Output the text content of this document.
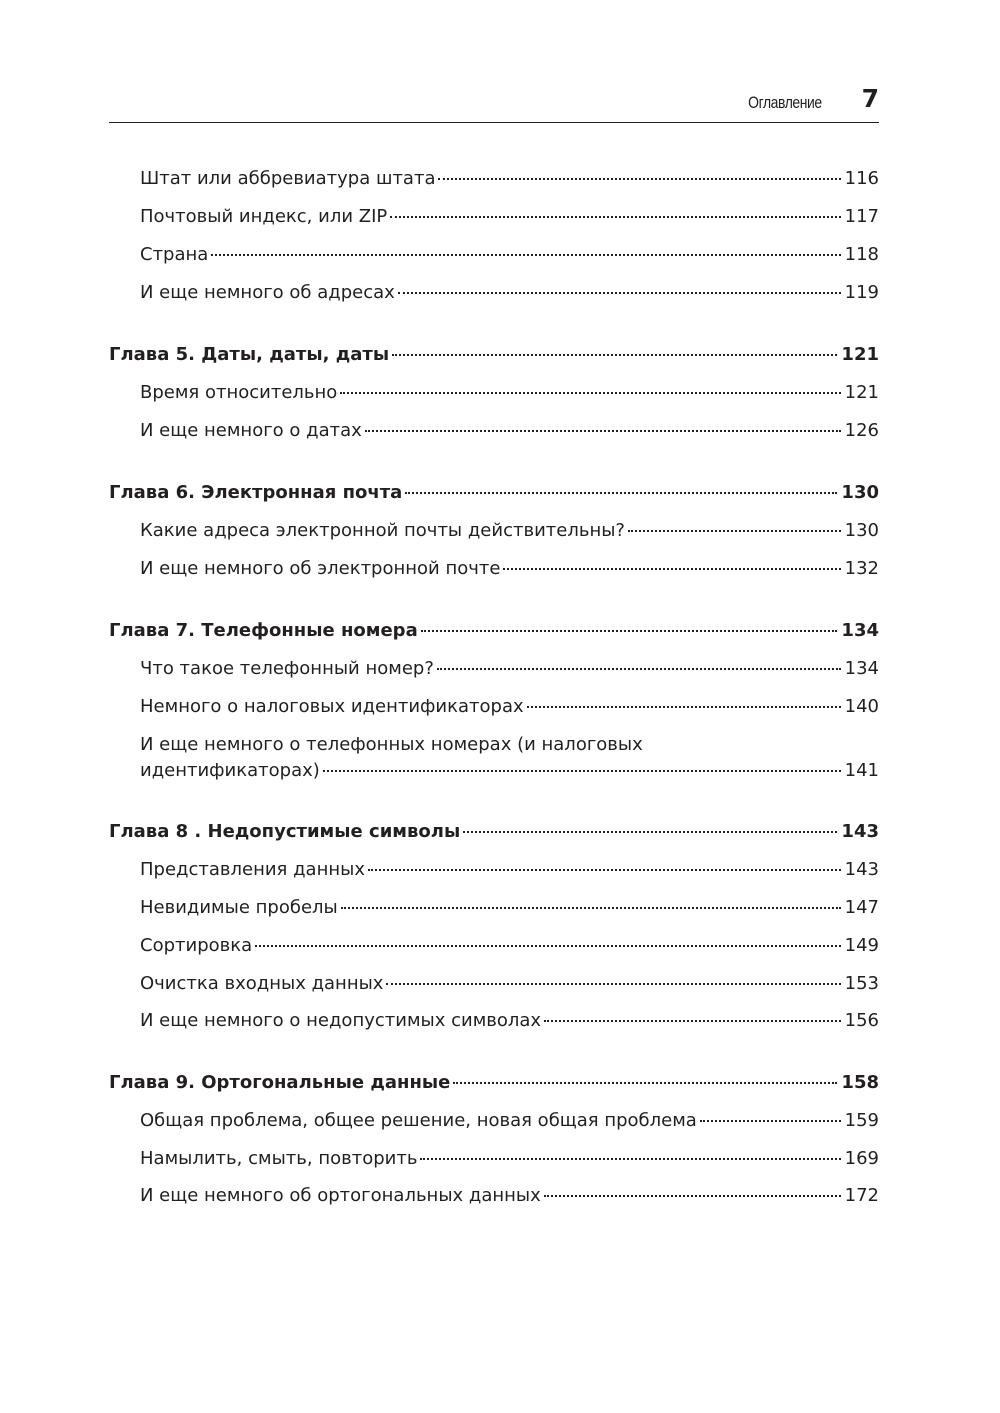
Оглавление 7
Штат или аббревиатура штата	116
Почтовый индекс, или ZIP	117
Страна	118
И еще немного об адресах	119
Глава 5. Даты, даты, даты	121
Время относительно	121
И еще немного о датах	126
Глава 6. Электронная почта	130
Какие адреса электронной почты действительны?	130
И еще немного об электронной почте	132
Глава 7. Телефонные номера	134
Что такое телефонный номер?	134
Немного о налоговых идентификаторах	140
И еще немного о телефонных номерах (и налоговых
идентификаторах)	141
Глава 8 . Недопустимые символы	143
Представления данных	143
Невидимые пробелы	147
Сортировка	149
Очистка входных данных	153
И еще немного о недопустимых символах	156
Глава 9. Ортогональные данные	158
Общая проблема, общее решение, новая общая проблема	159
Намылить, смыть, повторить	169
И еще немного об ортогональных данных	172
